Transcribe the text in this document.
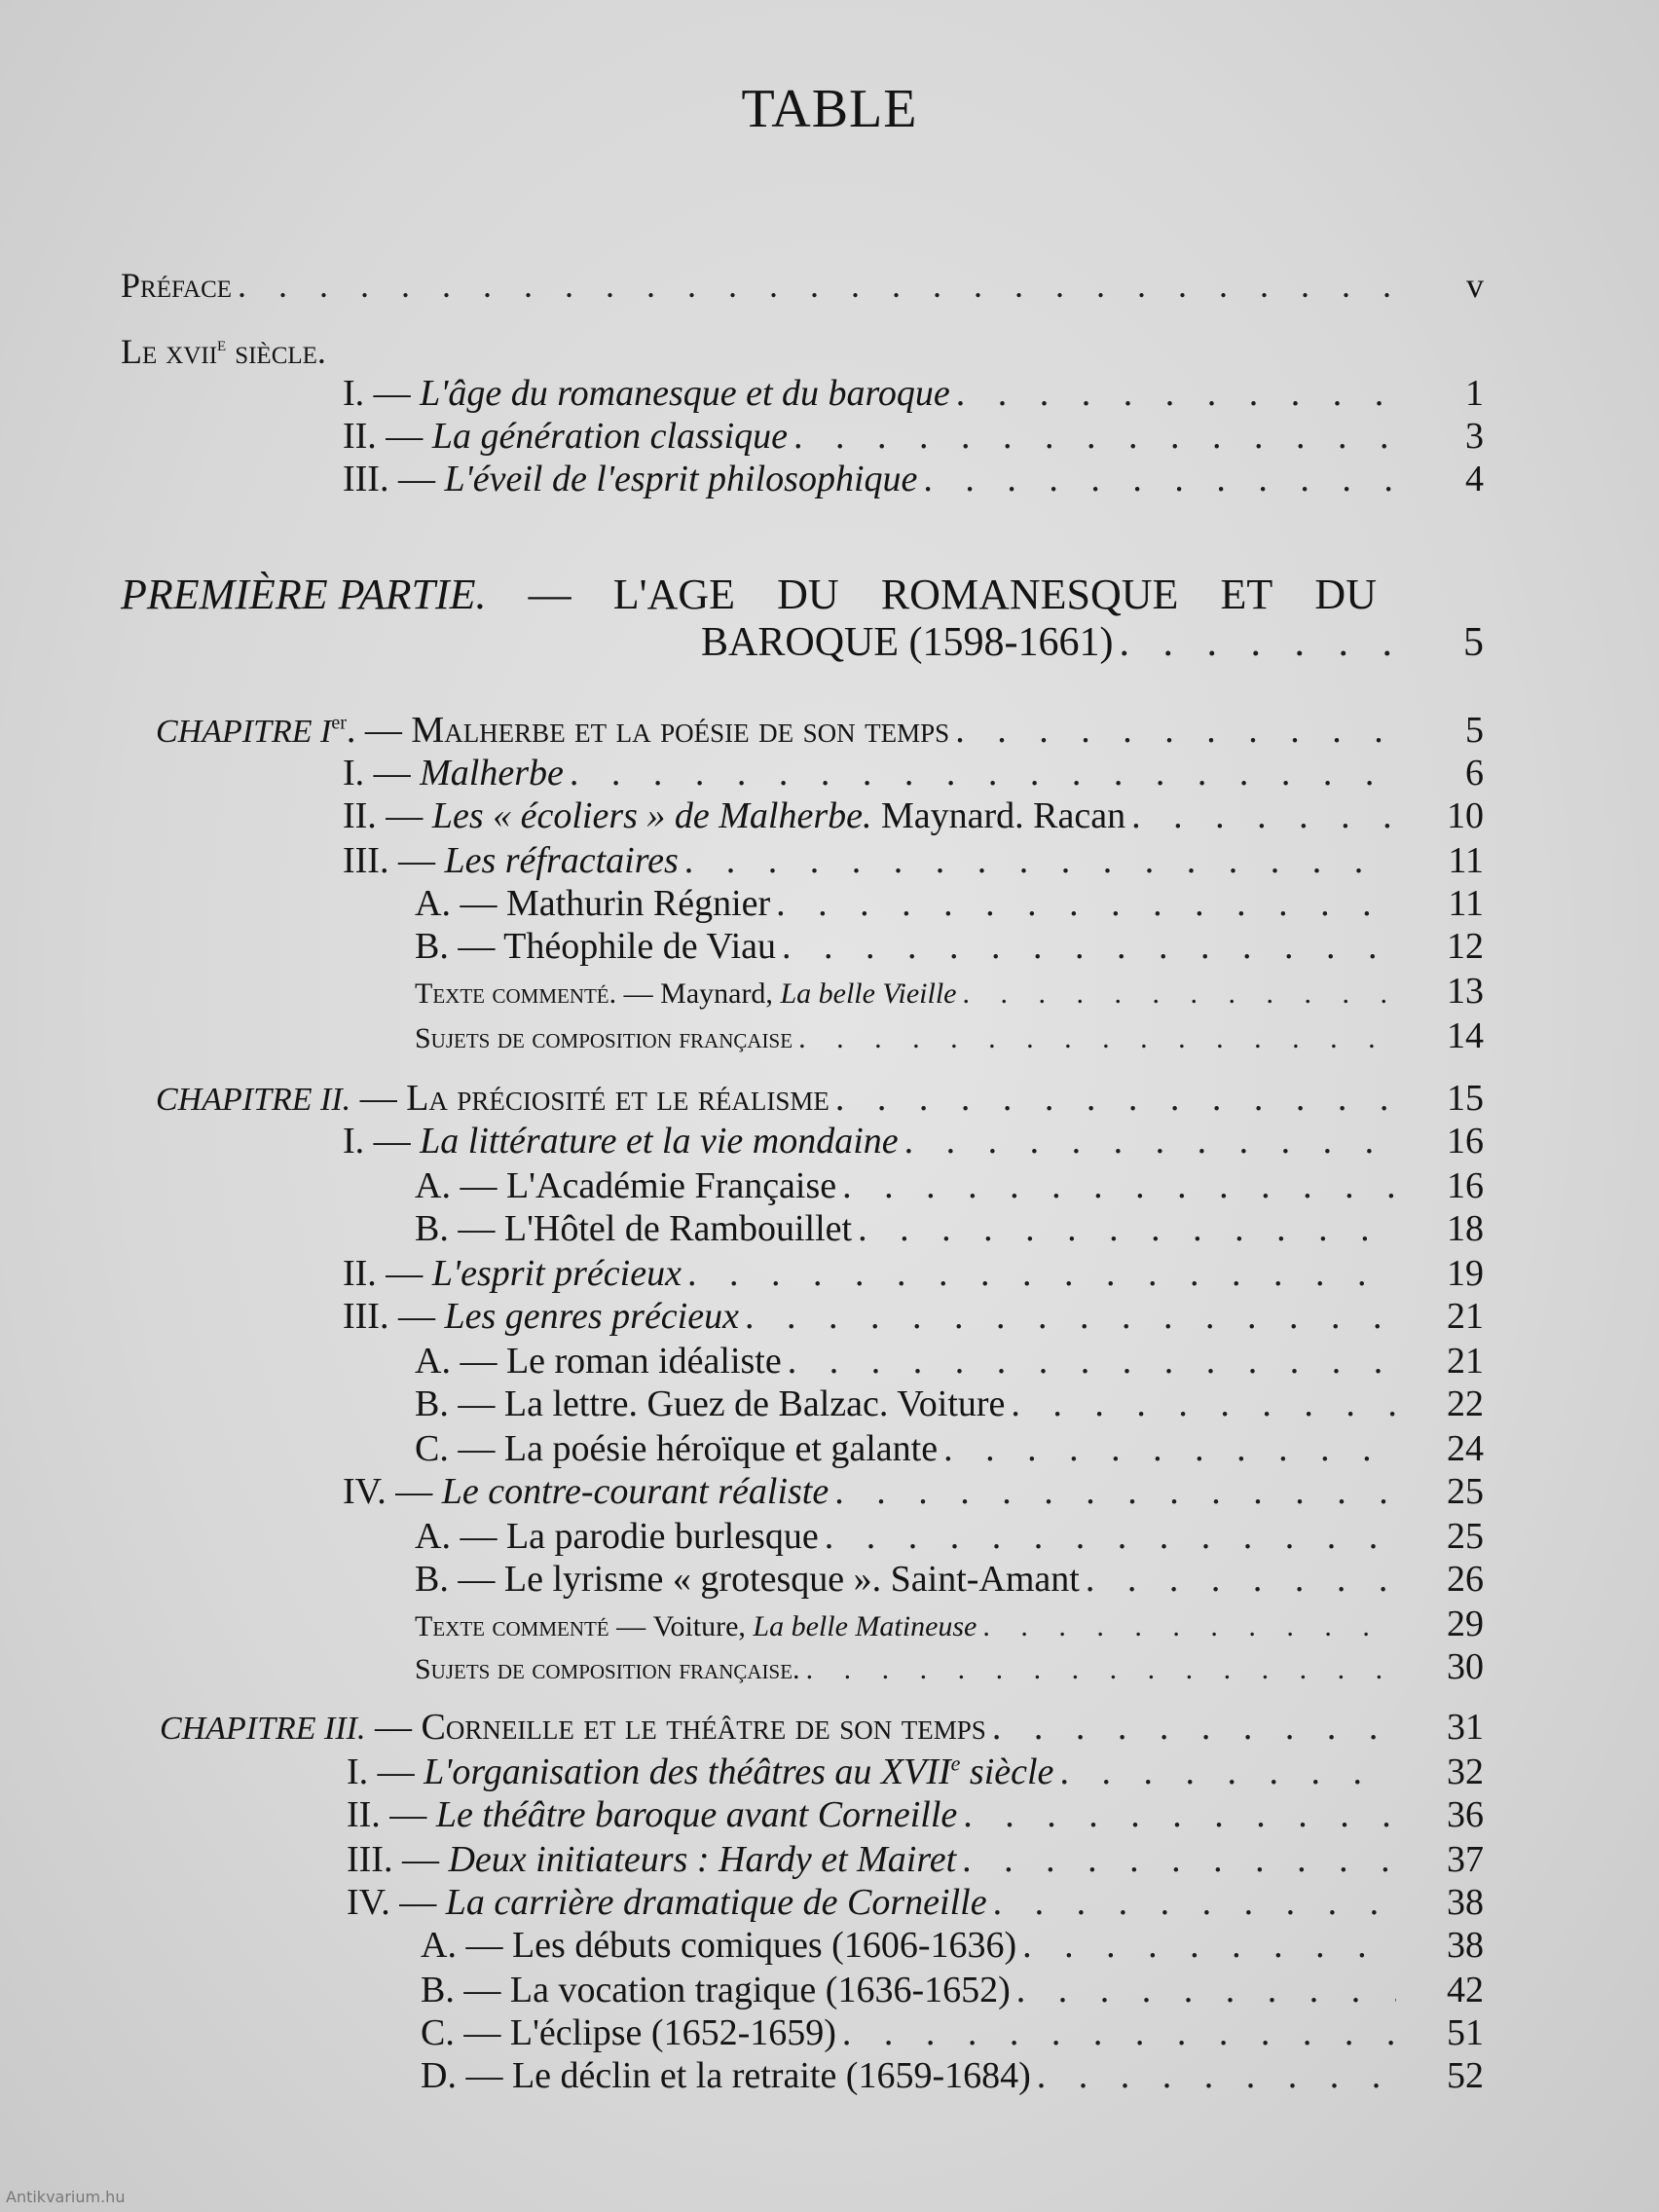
TABLE
Préface . . .	v
Le xvii$^e$ siècle.
I. — L'âge du romanesque et du baroque . . .	1
II. — La génération classique . . .	3
III. — L'éveil de l'esprit philosophique . . .	4
PREMIÈRE PARTIE. — L'AGE DU ROMANESQUE ET DU
BAROQUE (1598-1661) . . .	5
CHAPITRE Ier. — Malherbe et la poésie de son temps . . .	5
I. — Malherbe . . .	6
II. — Les « écoliers » de Malherbe. Maynard. Racan . . .	10
III. — Les réfractaires . . .	11
A. — Mathurin Régnier . . .	11
B. — Théophile de Viau . . .	12
Texte commenté. — Maynard, La belle Vieille . . .	13
Sujets de composition française . . .	14
CHAPITRE II. — La préciosité et le réalisme . . .	15
I. — La littérature et la vie mondaine . . .	16
A. — L'Académie Française . . .	16
B. — L'Hôtel de Rambouillet . . .	18
II. — L'esprit précieux . . .	19
III. — Les genres précieux . . .	21
A. — Le roman idéaliste . . .	21
B. — La lettre. Guez de Balzac. Voiture . . .	22
C. — La poésie héroïque et galante . . .	24
IV. — Le contre-courant réaliste . . .	25
A. — La parodie burlesque . . .	25
B. — Le lyrisme « grotesque ». Saint-Amant . . .	26
Texte commenté — Voiture, La belle Matineuse . . .	29
Sujets de composition française. . . .	30
CHAPITRE III. — Corneille et le théâtre de son temps . . .	31
I. — L'organisation des théâtres au XVIIe siècle . . .	32
II. — Le théâtre baroque avant Corneille . . .	36
III. — Deux initiateurs : Hardy et Mairet . . .	37
IV. — La carrière dramatique de Corneille . . .	38
A. — Les débuts comiques (1606-1636) . . .	38
B. — La vocation tragique (1636-1652) . . .	42
C. — L'éclipse (1652-1659) . . .	51
D. — Le déclin et la retraite (1659-1684) . . .	52
Antikvarium.hu
